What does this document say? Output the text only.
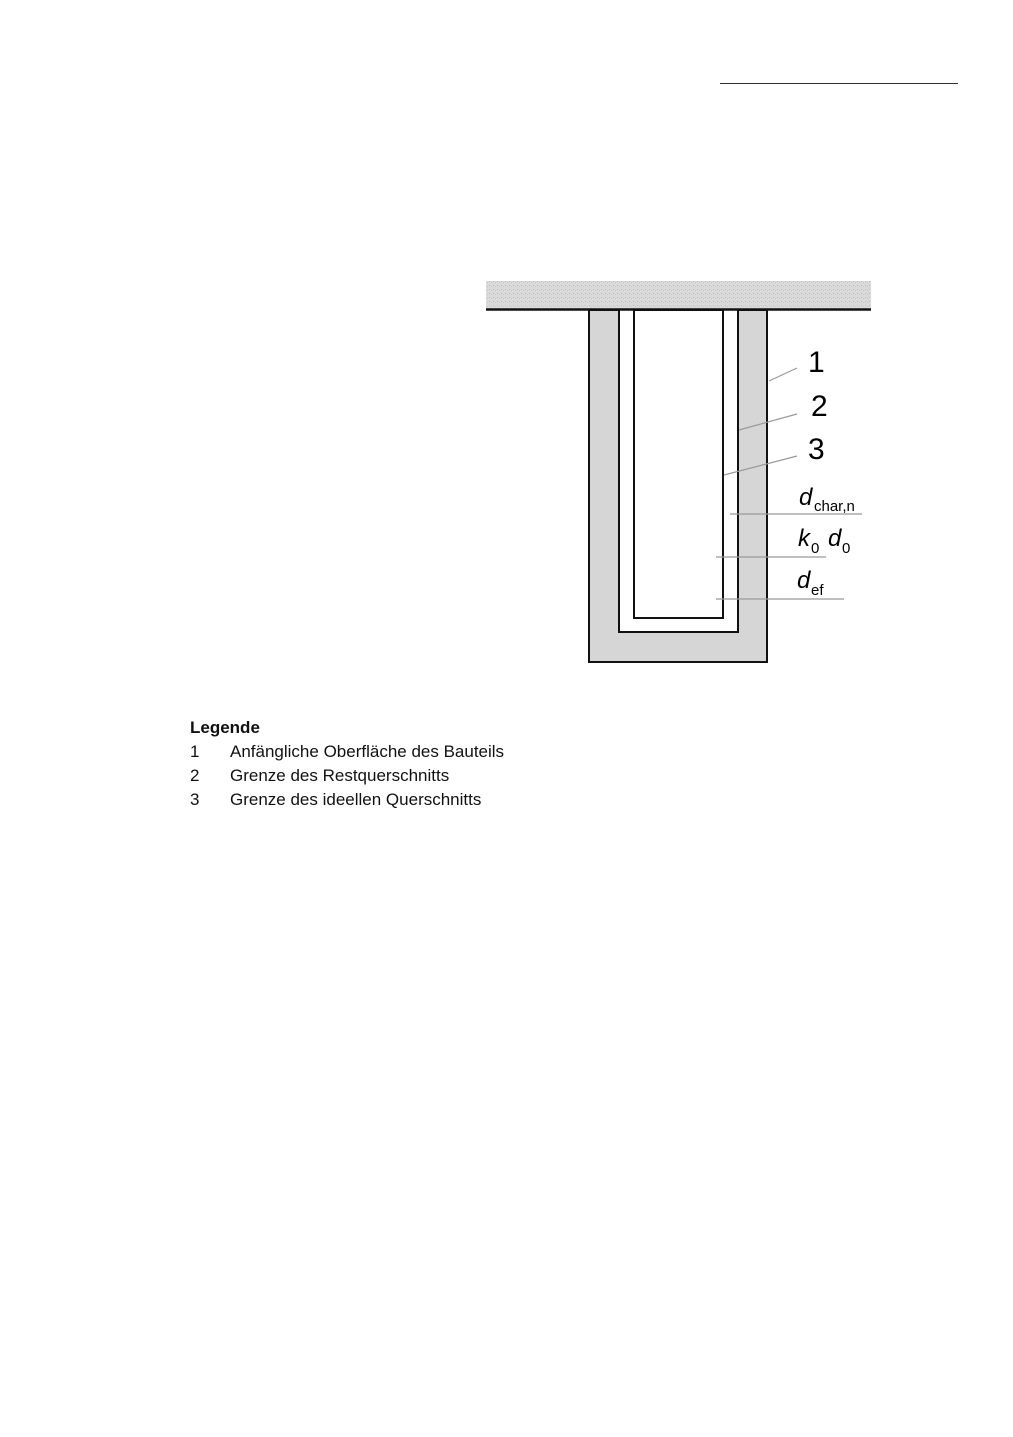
1
2
3
d char,n
k 0 d 0
d ef
Legende
1	Anfängliche Oberfläche des Bauteils
2	Grenze des Restquerschnitts
3	Grenze des ideellen Querschnitts
